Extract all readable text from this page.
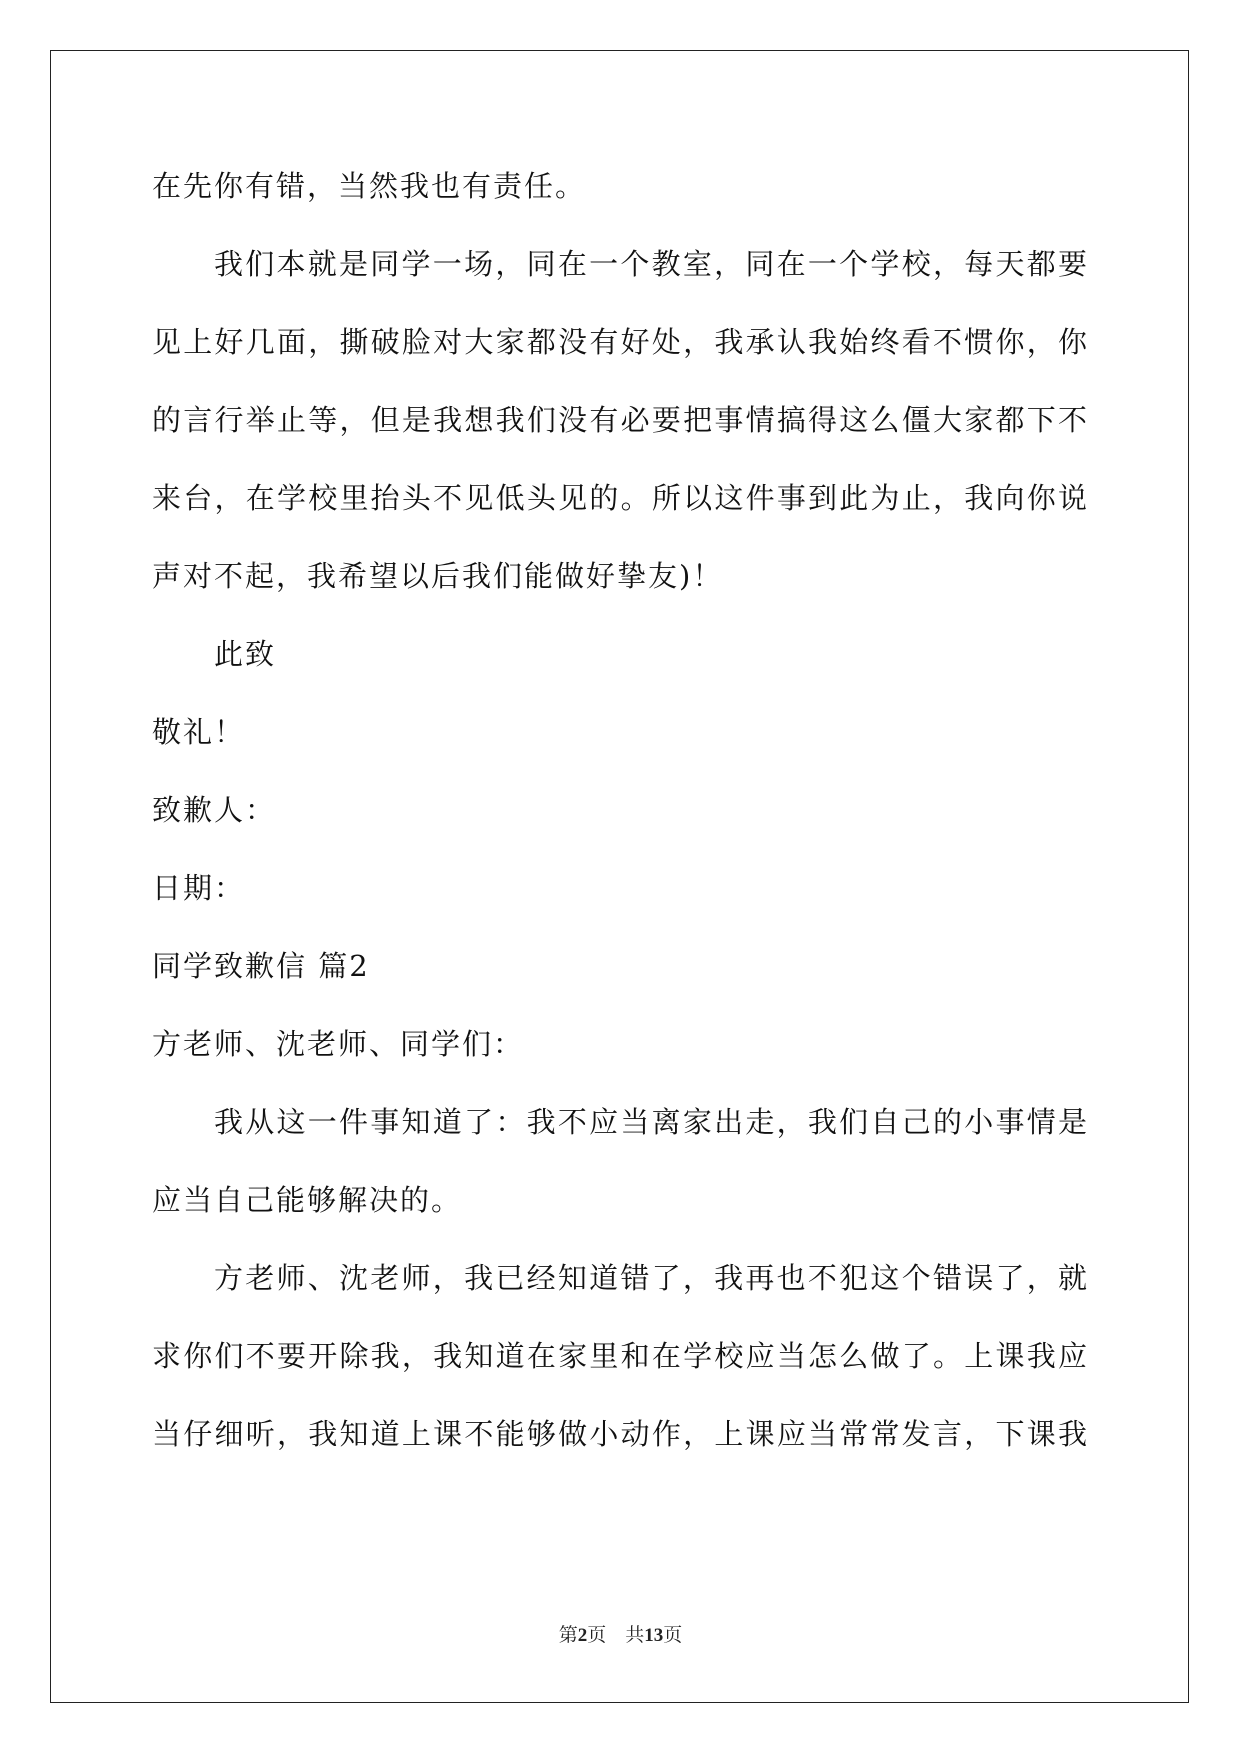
在先你有错，当然我也有责任。
我们本就是同学一场，同在一个教室，同在一个学校，每天都要
见上好几面，撕破脸对大家都没有好处，我承认我始终看不惯你，你
的言行举止等，但是我想我们没有必要把事情搞得这么僵大家都下不
来台，在学校里抬头不见低头见的。所以这件事到此为止，我向你说
声对不起，我希望以后我们能做好挚友)！
此致
敬礼！
致歉人：
日期：
同学致歉信 篇2
方老师、沈老师、同学们：
我从这一件事知道了：我不应当离家出走，我们自己的小事情是
应当自己能够解决的。
方老师、沈老师，我已经知道错了，我再也不犯这个错误了，就
求你们不要开除我，我知道在家里和在学校应当怎么做了。上课我应
当仔细听，我知道上课不能够做小动作，上课应当常常发言，下课我
第2页 共13页
